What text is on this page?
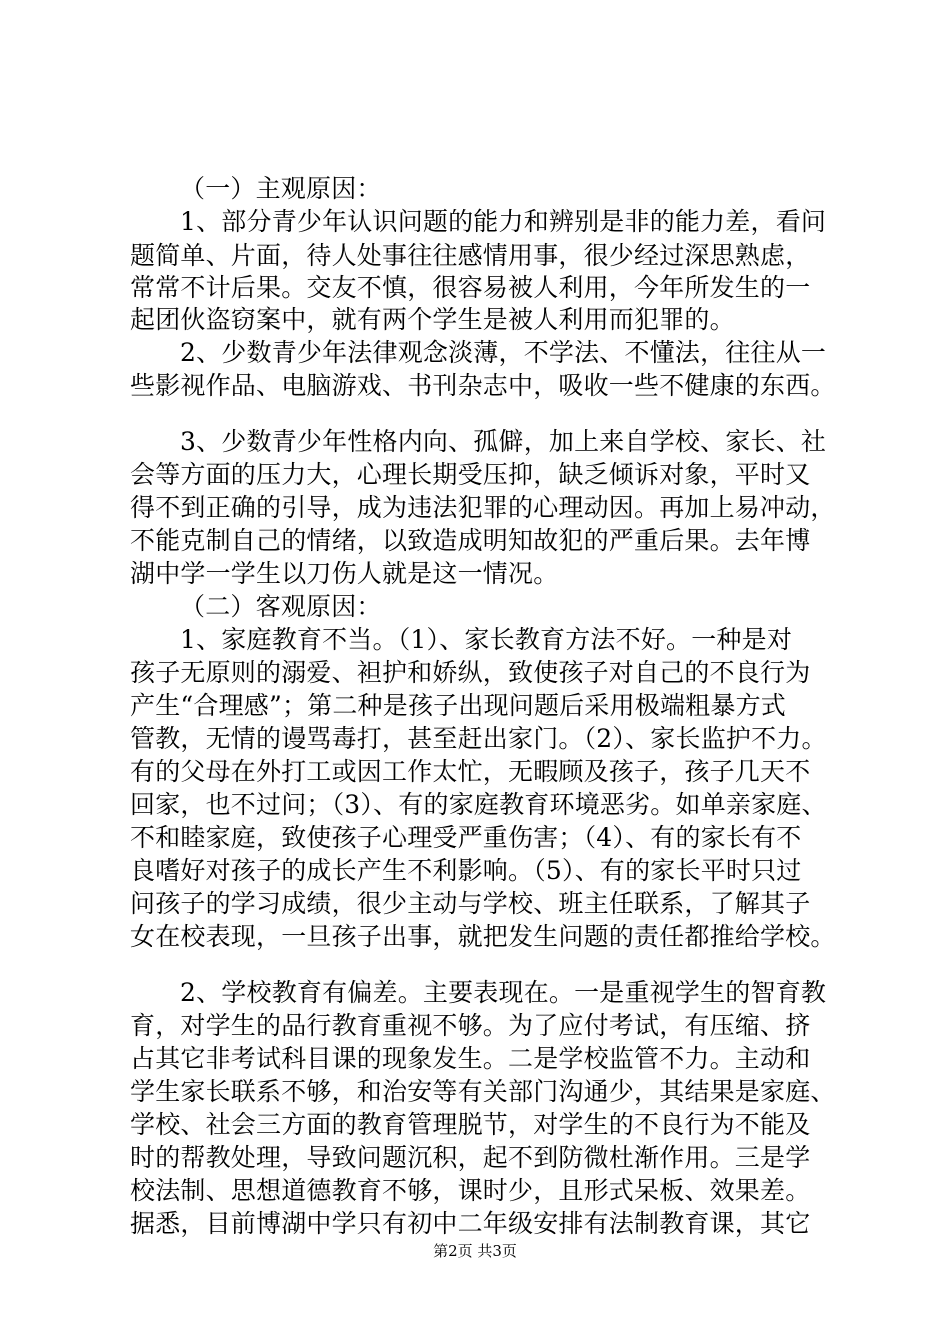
（一）主观原因：
1、部分青少年认识问题的能力和辨别是非的能力差，看问
题简单、片面，待人处事往往感情用事，很少经过深思熟虑，
常常不计后果。交友不慎，很容易被人利用，今年所发生的一
起团伙盗窃案中，就有两个学生是被人利用而犯罪的。
2、少数青少年法律观念淡薄，不学法、不懂法，往往从一
些影视作品、电脑游戏、书刊杂志中，吸收一些不健康的东西。
3、少数青少年性格内向、孤僻，加上来自学校、家长、社
会等方面的压力大，心理长期受压抑，缺乏倾诉对象，平时又
得不到正确的引导，成为违法犯罪的心理动因。再加上易冲动，
不能克制自己的情绪，以致造成明知故犯的严重后果。去年博
湖中学一学生以刀伤人就是这一情况。
（二）客观原因：
1、家庭教育不当。（1）、家长教育方法不好。一种是对
孩子无原则的溺爱、袒护和娇纵，致使孩子对自己的不良行为
产生“合理感”；第二种是孩子出现问题后采用极端粗暴方式
管教，无情的谩骂毒打，甚至赶出家门。（2）、家长监护不力。
有的父母在外打工或因工作太忙，无暇顾及孩子，孩子几天不
回家，也不过问；（3）、有的家庭教育环境恶劣。如单亲家庭、
不和睦家庭，致使孩子心理受严重伤害；（4）、有的家长有不
良嗜好对孩子的成长产生不利影响。（5）、有的家长平时只过
问孩子的学习成绩，很少主动与学校、班主任联系，了解其子
女在校表现，一旦孩子出事，就把发生问题的责任都推给学校。
2、学校教育有偏差。主要表现在。一是重视学生的智育教
育，对学生的品行教育重视不够。为了应付考试，有压缩、挤
占其它非考试科目课的现象发生。二是学校监管不力。主动和
学生家长联系不够，和治安等有关部门沟通少，其结果是家庭、
学校、社会三方面的教育管理脱节，对学生的不良行为不能及
时的帮教处理，导致问题沉积，起不到防微杜渐作用。三是学
校法制、思想道德教育不够，课时少，且形式呆板、效果差。
据悉，目前博湖中学只有初中二年级安排有法制教育课，其它
第2页 共3页
